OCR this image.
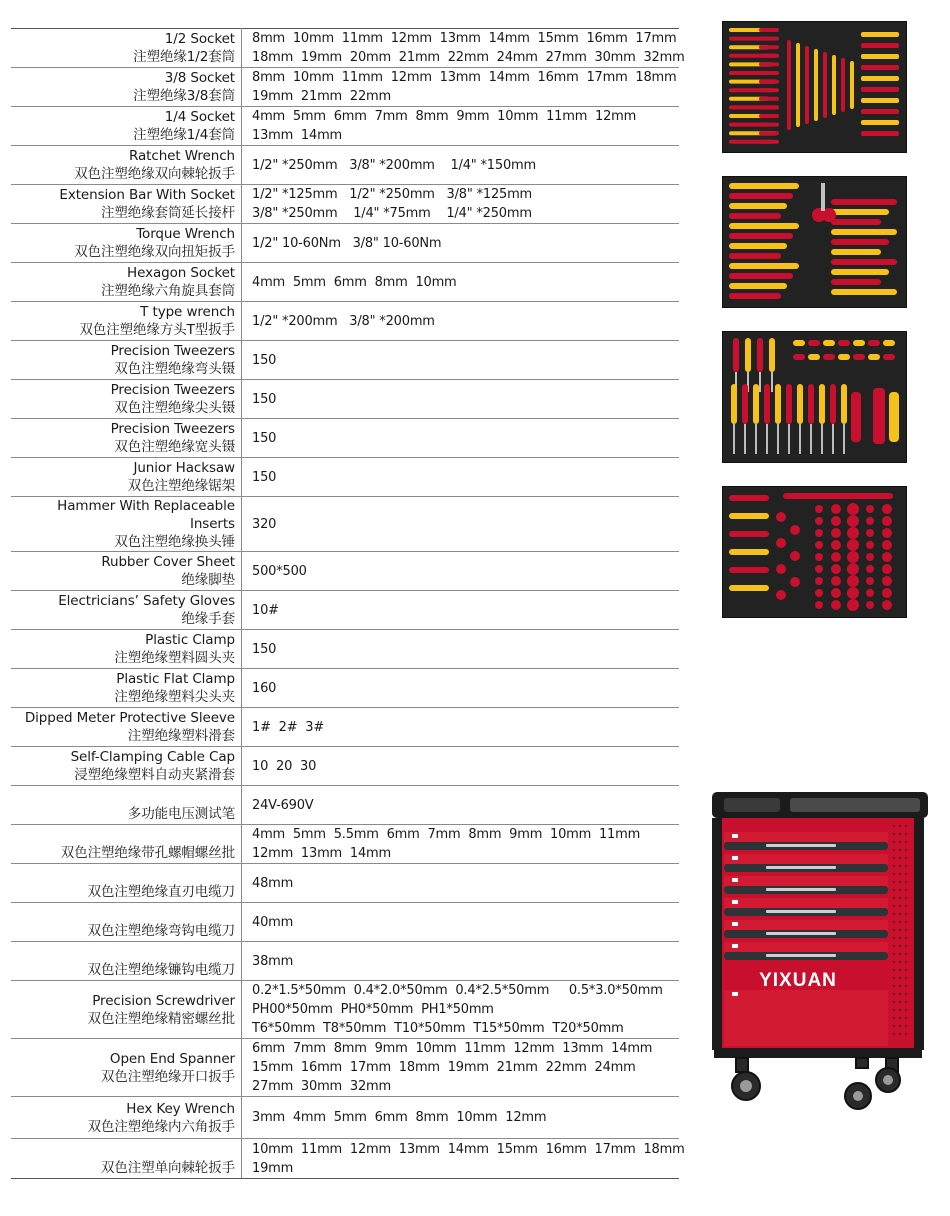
1/2 Socket
注塑绝缘1/2套筒	8mm  10mm  11mm  12mm  13mm  14mm  15mm  16mm  17mm
18mm  19mm  20mm  21mm  22mm  24mm  27mm  30mm  32mm

3/8 Socket
注塑绝缘3/8套筒	8mm  10mm  11mm  12mm  13mm  14mm  16mm  17mm  18mm
19mm  21mm  22mm

1/4 Socket
注塑绝缘1/4套筒	4mm  5mm  6mm  7mm  8mm  9mm  10mm  11mm  12mm
13mm  14mm

Ratchet Wrench
双色注塑绝缘双向棘轮扳手	1/2" *250mm   3/8" *200mm    1/4" *150mm

Extension Bar With Socket
注塑绝缘套筒延长接杆	1/2" *125mm   1/2" *250mm   3/8" *125mm
3/8" *250mm    1/4" *75mm    1/4" *250mm

Torque Wrench
双色注塑绝缘双向扭矩扳手	1/2" 10-60Nm   3/8" 10-60Nm

Hexagon Socket
注塑绝缘六角旋具套筒	4mm  5mm  6mm  8mm  10mm

T type wrench
双色注塑绝缘方头T型扳手	1/2" *200mm   3/8" *200mm

Precision Tweezers
双色注塑绝缘弯头镊	150

Precision Tweezers
双色注塑绝缘尖头镊	150

Precision Tweezers
双色注塑绝缘宽头镊	150

Junior Hacksaw
双色注塑绝缘锯架	150

Hammer With Replaceable Inserts
双色注塑绝缘换头锤	320

Rubber Cover Sheet
绝缘脚垫	500*500

Electricians’ Safety Gloves
绝缘手套	10#

Plastic Clamp
注塑绝缘塑料圆头夹	150

Plastic Flat Clamp
注塑绝缘塑料尖头夹	160

Dipped Meter Protective Sleeve
注塑绝缘塑料滑套	1#  2#  3#

Self-Clamping Cable Cap
浸塑绝缘塑料自动夹紧滑套	10  20  30

多功能电压测试笔	24V-690V

双色注塑绝缘带孔螺帽螺丝批	4mm  5mm  5.5mm  6mm  7mm  8mm  9mm  10mm  11mm
12mm  13mm  14mm

双色注塑绝缘直刃电缆刀	48mm

双色注塑绝缘弯钩电缆刀	40mm

双色注塑绝缘镰钩电缆刀	38mm

Precision Screwdriver
双色注塑绝缘精密螺丝批	0.2*1.5*50mm  0.4*2.0*50mm  0.4*2.5*50mm     0.5*3.0*50mm
PH00*50mm  PH0*50mm  PH1*50mm
T6*50mm  T8*50mm  T10*50mm  T15*50mm  T20*50mm

Open End Spanner
双色注塑绝缘开口扳手	6mm  7mm  8mm  9mm  10mm  11mm  12mm  13mm  14mm
15mm  16mm  17mm  18mm  19mm  21mm  22mm  24mm
27mm  30mm  32mm

Hex Key Wrench
双色注塑绝缘内六角扳手	3mm  4mm  5mm  6mm  8mm  10mm  12mm

双色注塑单向棘轮扳手	10mm  11mm  12mm  13mm  14mm  15mm  16mm  17mm  18mm
19mm
YIXUAN
